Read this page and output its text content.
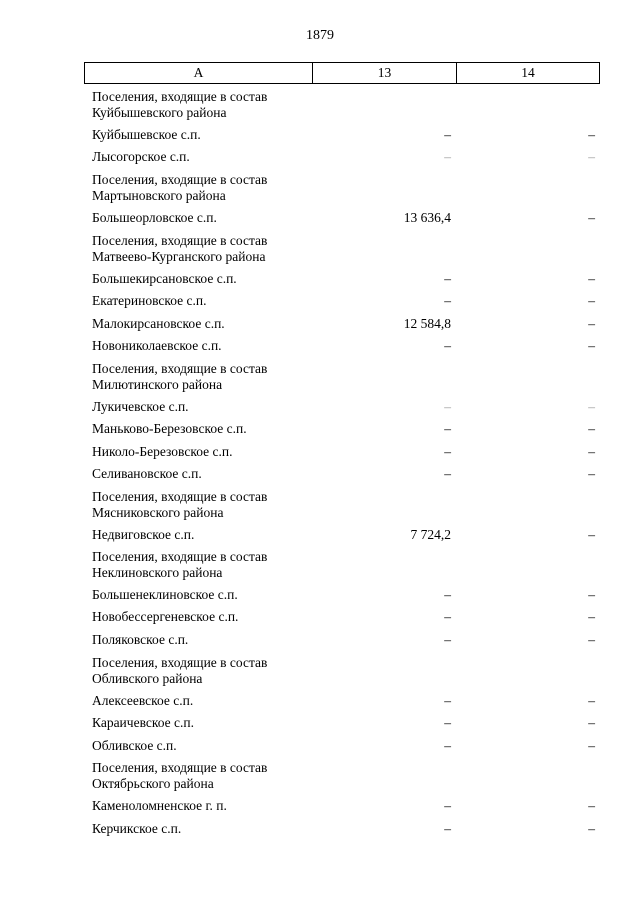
1879
А	13	14
Поселения, входящие в состав Куйбышевского района
Куйбышевское с.п.	–	–
Лысогорское с.п.	–	–
Поселения, входящие в состав Мартыновского района
Большеорловское с.п.	13 636,4	–
Поселения, входящие в состав Матвеево-Курганского района
Большекирсановское с.п.	–	–
Екатериновское с.п.	–	–
Малокирсановское с.п.	12 584,8	–
Новониколаевское с.п.	–	–
Поселения, входящие в состав Милютинского района
Лукичевское с.п.	–	–
Маньково-Березовское с.п.	–	–
Николо-Березовское с.п.	–	–
Селивановское с.п.	–	–
Поселения, входящие в состав Мясниковского района
Недвиговское с.п.	7 724,2	–
Поселения, входящие в состав Неклиновского района
Большенеклиновское с.п.	–	–
Новобессергеневское с.п.	–	–
Поляковское с.п.	–	–
Поселения, входящие в состав Обливского района
Алексеевское с.п.	–	–
Караичевское с.п.	–	–
Обливское с.п.	–	–
Поселения, входящие в состав Октябрьского района
Каменоломненское г. п.	–	–
Керчикское с.п.	–	–
